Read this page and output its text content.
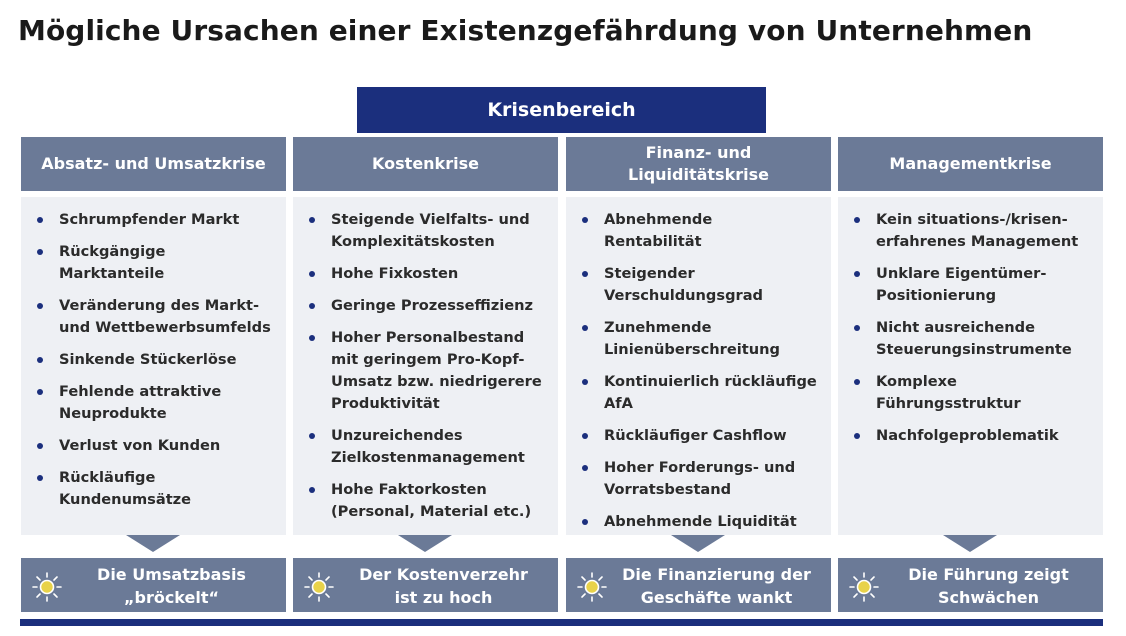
Mögliche Ursachen einer Existenzgefährdung von Unternehmen
Krisenbereich
Absatz- und Umsatzkrise	Kostenkrise
Finanz- und Liquiditätskrise
Managementkrise
Schrumpfender Markt
Rückgängige Marktanteile
Veränderung des Markt- und Wettbewerbsumfelds
Sinkende Stückerlöse
Fehlende attraktive Neuprodukte
Verlust von Kunden
Rückläufige Kundenumsätze
Steigende Vielfalts- und Komplexitätskosten
Hohe Fixkosten
Geringe Prozesseffizienz
Hoher Personalbestand mit geringem Pro-Kopf-Umsatz bzw. niedrigerere Produktivität
Unzureichendes Zielkostenmanagement
Hohe Faktorkosten (Personal, Material etc.)
Abnehmende Rentabilität
Steigender Verschuldungsgrad
Zunehmende Linienüberschreitung
Kontinuierlich rückläufige AfA
Rückläufiger Cashflow
Hoher Forderungs- und Vorratsbestand
Abnehmende Liquidität
Kein situations-/krisen-erfahrenes Management
Unklare Eigentümer-Positionierung
Nicht ausreichende Steuerungsinstrumente
Komplexe Führungsstruktur
Nachfolgeproblematik
Die Umsatzbasis „bröckelt“
Der Kostenverzehr ist zu hoch
Die Finanzierung der Geschäfte wankt
Die Führung zeigt Schwächen
